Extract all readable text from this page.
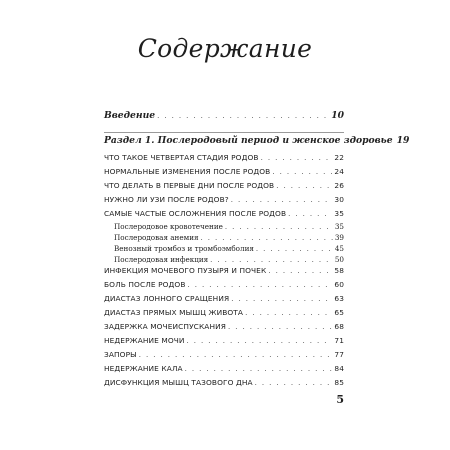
Содержание
Введение . . .	10
Раздел 1. Послеродовый период и женское здоровье 19
ЧТО ТАКОЕ ЧЕТВЕРТАЯ СТАДИЯ РОДОВ . . .	22
НОРМАЛЬНЫЕ ИЗМЕНЕНИЯ ПОСЛЕ РОДОВ . . .	24
ЧТО ДЕЛАТЬ В ПЕРВЫЕ ДНИ ПОСЛЕ РОДОВ . . .	26
НУЖНО ЛИ УЗИ ПОСЛЕ РОДОВ? . . .	30
САМЫЕ ЧАСТЫЕ ОСЛОЖНЕНИЯ ПОСЛЕ РОДОВ . . .	35
Послеродовое кровотечение . . .	35
Послеродовая анемия . . .	39
Венозный тромбоз и тромбоэмболия . . .	45
Послеродовая инфекция . . .	50
ИНФЕКЦИЯ МОЧЕВОГО ПУЗЫРЯ И ПОЧЕК . . .	58
БОЛЬ ПОСЛЕ РОДОВ . . .	60
ДИАСТАЗ ЛОННОГО СРАЩЕНИЯ . . .	63
ДИАСТАЗ ПРЯМЫХ МЫШЦ ЖИВОТА . . .	65
ЗАДЕРЖКА МОЧЕИСПУСКАНИЯ . . .	68
НЕДЕРЖАНИЕ МОЧИ . . .	71
ЗАПОРЫ . . .	77
НЕДЕРЖАНИЕ КАЛА . . .	84
ДИСФУНКЦИЯ МЫШЦ ТАЗОВОГО ДНА . . .	85
5
